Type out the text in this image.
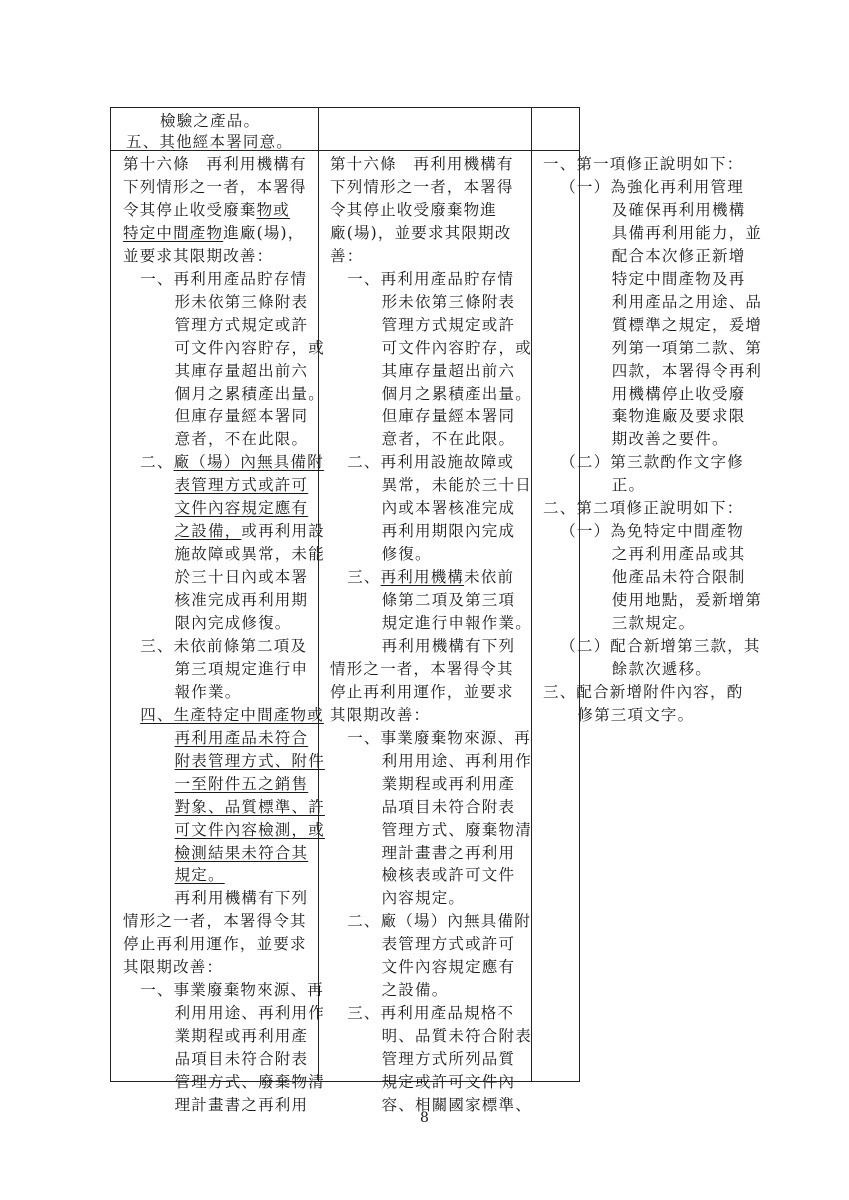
檢驗之產品。
五、其他經本署同意。
第十六條　再利用機構有
下列情形之一者，本署得
令其停止收受廢棄物或
特定中間產物進廠(場)，
並要求其限期改善：
一、再利用產品貯存情
形未依第三條附表
管理方式規定或許
可文件內容貯存，或
其庫存量超出前六
個月之累積產出量。
但庫存量經本署同
意者，不在此限。
二、廠（場）內無具備附
表管理方式或許可
文件內容規定應有
之設備，或再利用設
施故障或異常，未能
於三十日內或本署
核准完成再利用期
限內完成修復。
三、未依前條第二項及
第三項規定進行申
報作業。
四、生產特定中間產物或
再利用產品未符合
附表管理方式、附件
一至附件五之銷售
對象、品質標準、許
可文件內容檢測，或
檢測結果未符合其
規定。
再利用機構有下列
情形之一者，本署得令其
停止再利用運作，並要求
其限期改善：
一、事業廢棄物來源、再
利用用途、再利用作
業期程或再利用產
品項目未符合附表
管理方式、廢棄物清
理計畫書之再利用
第十六條　再利用機構有
下列情形之一者，本署得
令其停止收受廢棄物進
廠(場)，並要求其限期改
善：
一、再利用產品貯存情
形未依第三條附表
管理方式規定或許
可文件內容貯存，或
其庫存量超出前六
個月之累積產出量。
但庫存量經本署同
意者，不在此限。
二、再利用設施故障或
異常，未能於三十日
內或本署核准完成
再利用期限內完成
修復。
三、再利用機構未依前
條第二項及第三項
規定進行申報作業。
再利用機構有下列
情形之一者，本署得令其
停止再利用運作，並要求
其限期改善：
一、事業廢棄物來源、再
利用用途、再利用作
業期程或再利用產
品項目未符合附表
管理方式、廢棄物清
理計畫書之再利用
檢核表或許可文件
內容規定。
二、廠（場）內無具備附
表管理方式或許可
文件內容規定應有
之設備。
三、再利用產品規格不
明、品質未符合附表
管理方式所列品質
規定或許可文件內
容、相關國家標準、
一、第一項修正說明如下：
（一）為強化再利用管理
及確保再利用機構
具備再利用能力，並
配合本次修正新增
特定中間產物及再
利用產品之用途、品
質標準之規定，爰增
列第一項第二款、第
四款，本署得令再利
用機構停止收受廢
棄物進廠及要求限
期改善之要件。
（二）第三款酌作文字修
正。
二、第二項修正說明如下：
（一）為免特定中間產物
之再利用產品或其
他產品未符合限制
使用地點，爰新增第
三款規定。
（二）配合新增第三款，其
餘款次遞移。
三、配合新增附件內容，酌
修第三項文字。
8
